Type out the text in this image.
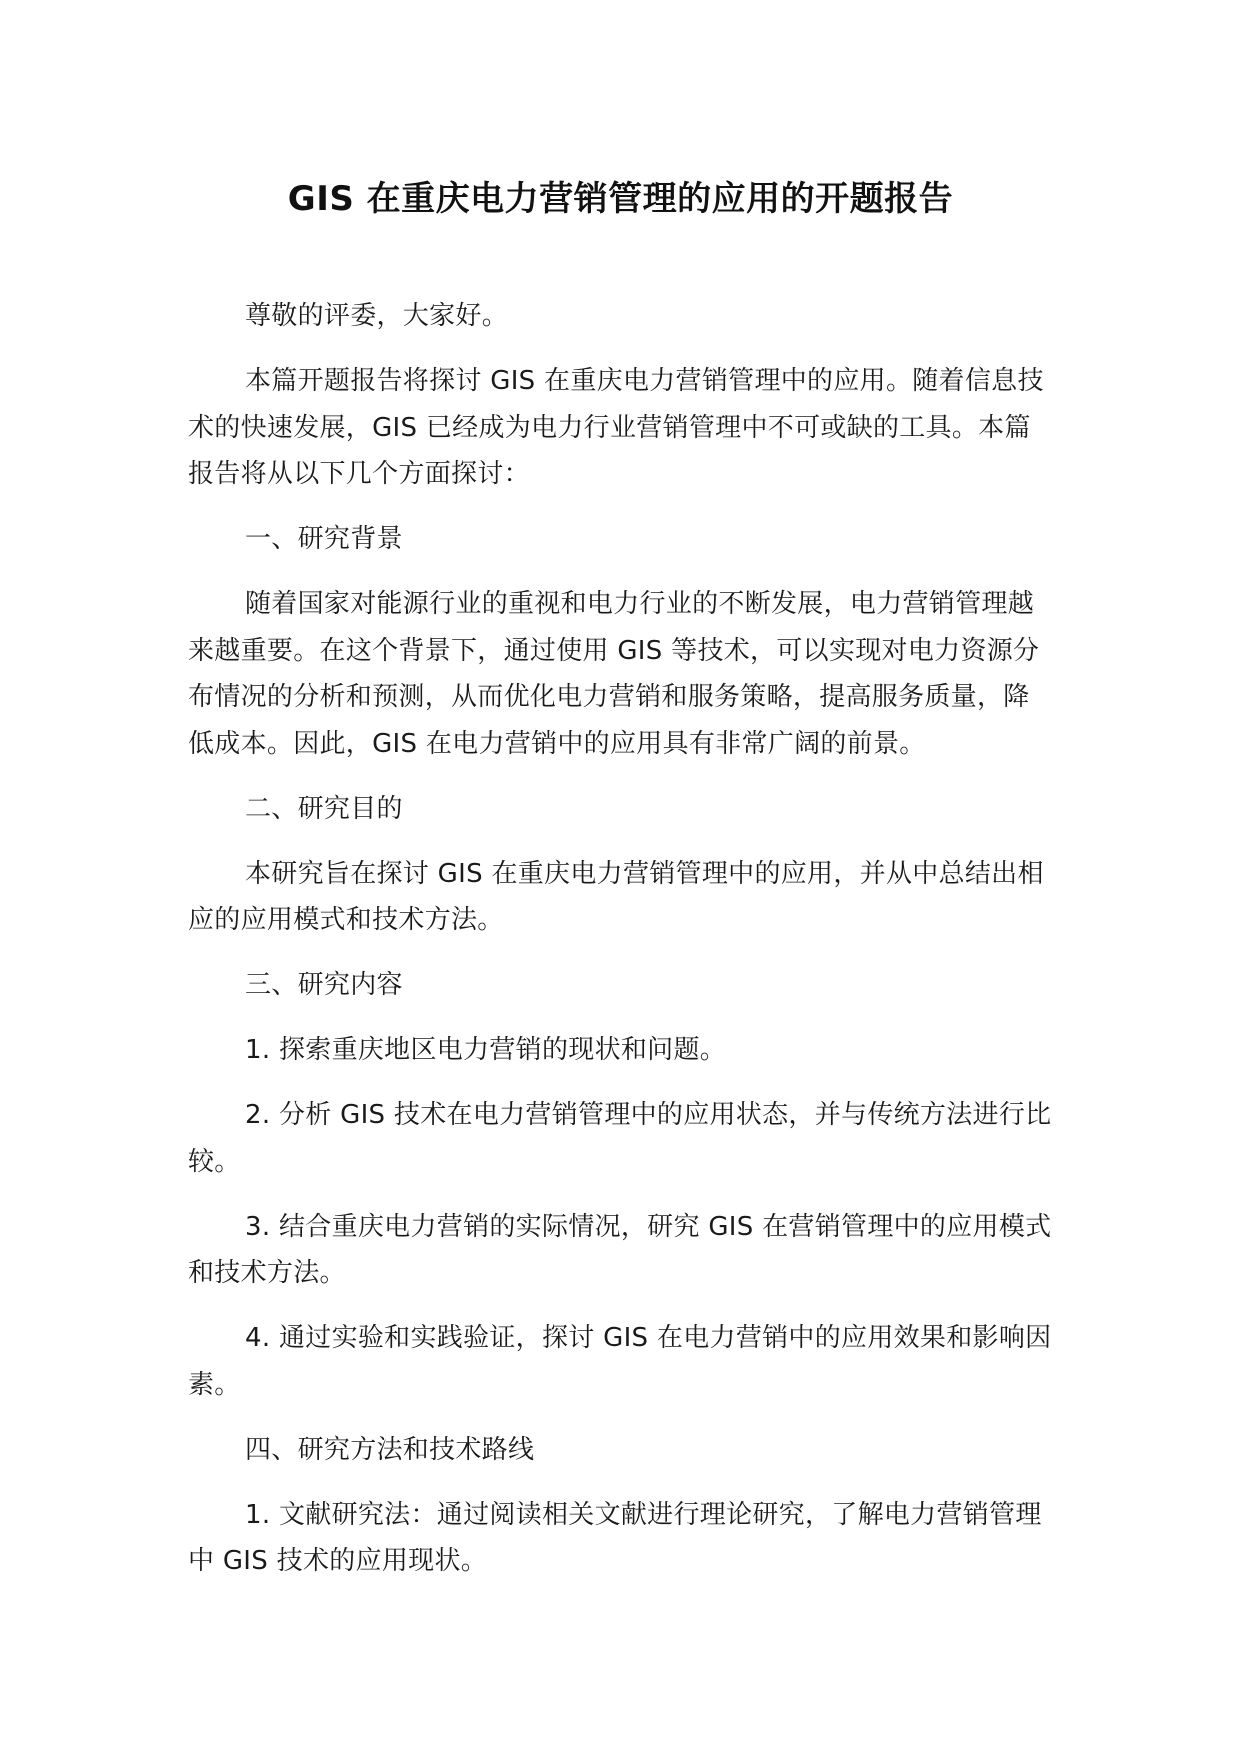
GIS 在重庆电力营销管理的应用的开题报告

尊敬的评委，大家好。

本篇开题报告将探讨 GIS 在重庆电力营销管理中的应用。随着信息技术的快速发展，GIS 已经成为电力行业营销管理中不可或缺的工具。本篇报告将从以下几个方面探讨：

一、研究背景

随着国家对能源行业的重视和电力行业的不断发展，电力营销管理越来越重要。在这个背景下，通过使用 GIS 等技术，可以实现对电力资源分布情况的分析和预测，从而优化电力营销和服务策略，提高服务质量，降低成本。因此，GIS 在电力营销中的应用具有非常广阔的前景。

二、研究目的

本研究旨在探讨 GIS 在重庆电力营销管理中的应用，并从中总结出相应的应用模式和技术方法。

三、研究内容

1. 探索重庆地区电力营销的现状和问题。

2. 分析 GIS 技术在电力营销管理中的应用状态，并与传统方法进行比较。

3. 结合重庆电力营销的实际情况，研究 GIS 在营销管理中的应用模式和技术方法。

4. 通过实验和实践验证，探讨 GIS 在电力营销中的应用效果和影响因素。

四、研究方法和技术路线

1. 文献研究法：通过阅读相关文献进行理论研究，了解电力营销管理中 GIS 技术的应用现状。
